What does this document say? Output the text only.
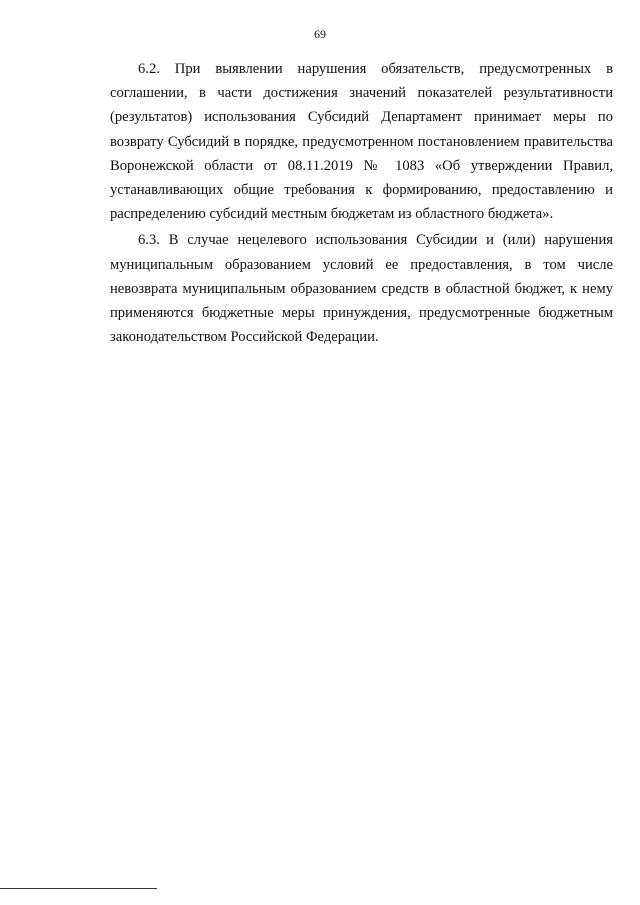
69

6.2. При выявлении нарушения обязательств, предусмотренных в соглашении, в части достижения значений показателей результативности (результатов) использования Субсидий Департамент принимает меры по возврату Субсидий в порядке, предусмотренном постановлением правительства Воронежской области от 08.11.2019 № 1083 «Об утверждении Правил, устанавливающих общие требования к формированию, предоставлению и распределению субсидий местным бюджетам из областного бюджета».

6.3. В случае нецелевого использования Субсидии и (или) нарушения муниципальным образованием условий ее предоставления, в том числе невозврата муниципальным образованием средств в областной бюджет, к нему применяются бюджетные меры принуждения, предусмотренные бюджетным законодательством Российской Федерации.
